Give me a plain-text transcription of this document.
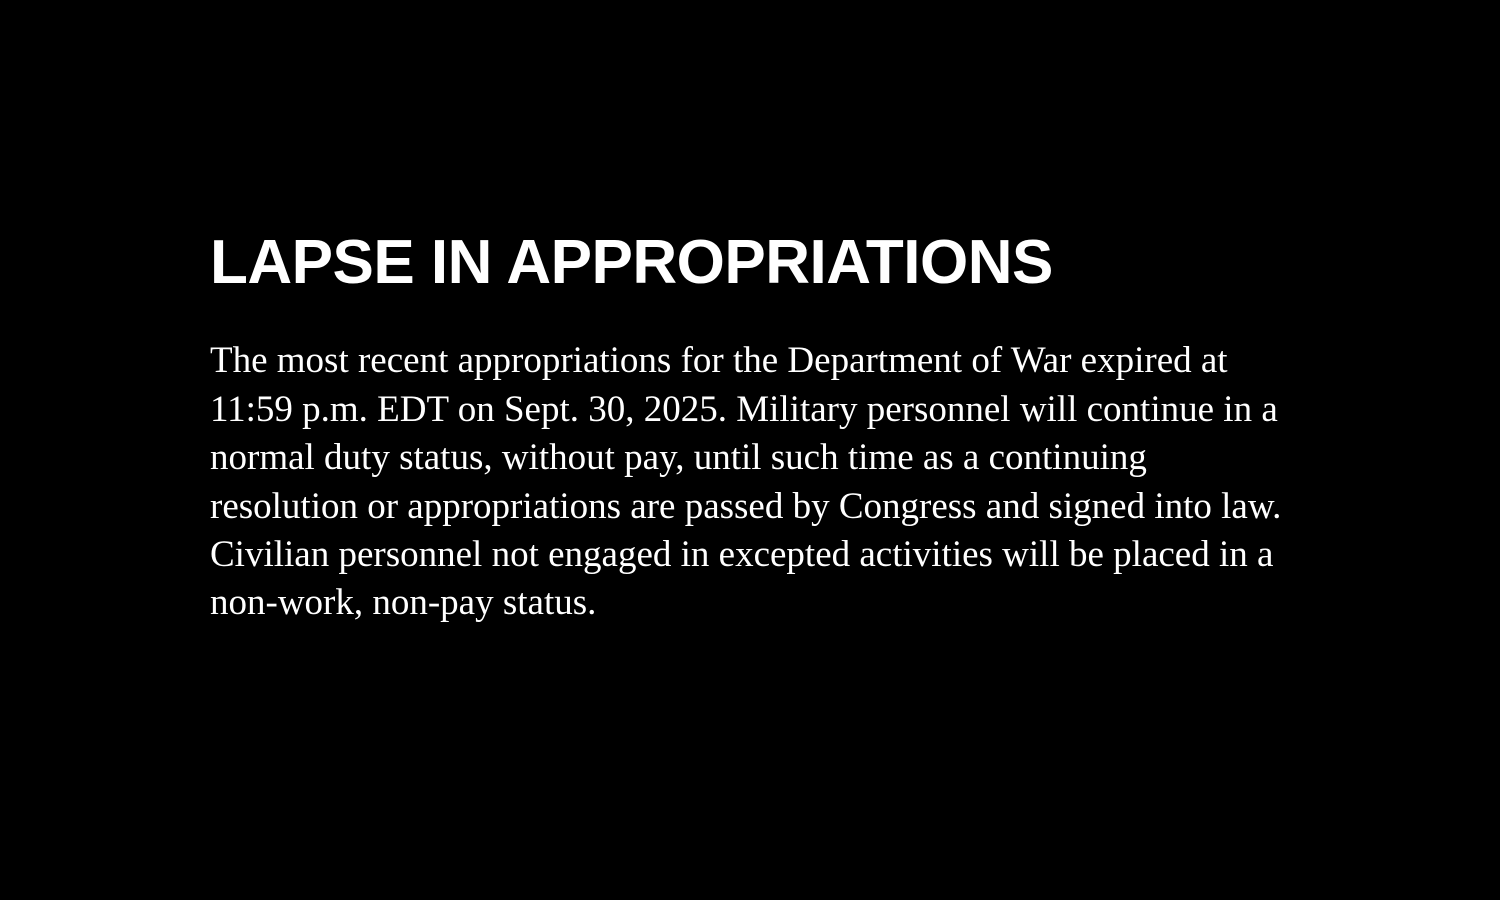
LAPSE IN APPROPRIATIONS

The most recent appropriations for the Department of War expired at 11:59 p.m. EDT on Sept. 30, 2025. Military personnel will continue in a normal duty status, without pay, until such time as a continuing resolution or appropriations are passed by Congress and signed into law. Civilian personnel not engaged in excepted activities will be placed in a non-work, non-pay status.
